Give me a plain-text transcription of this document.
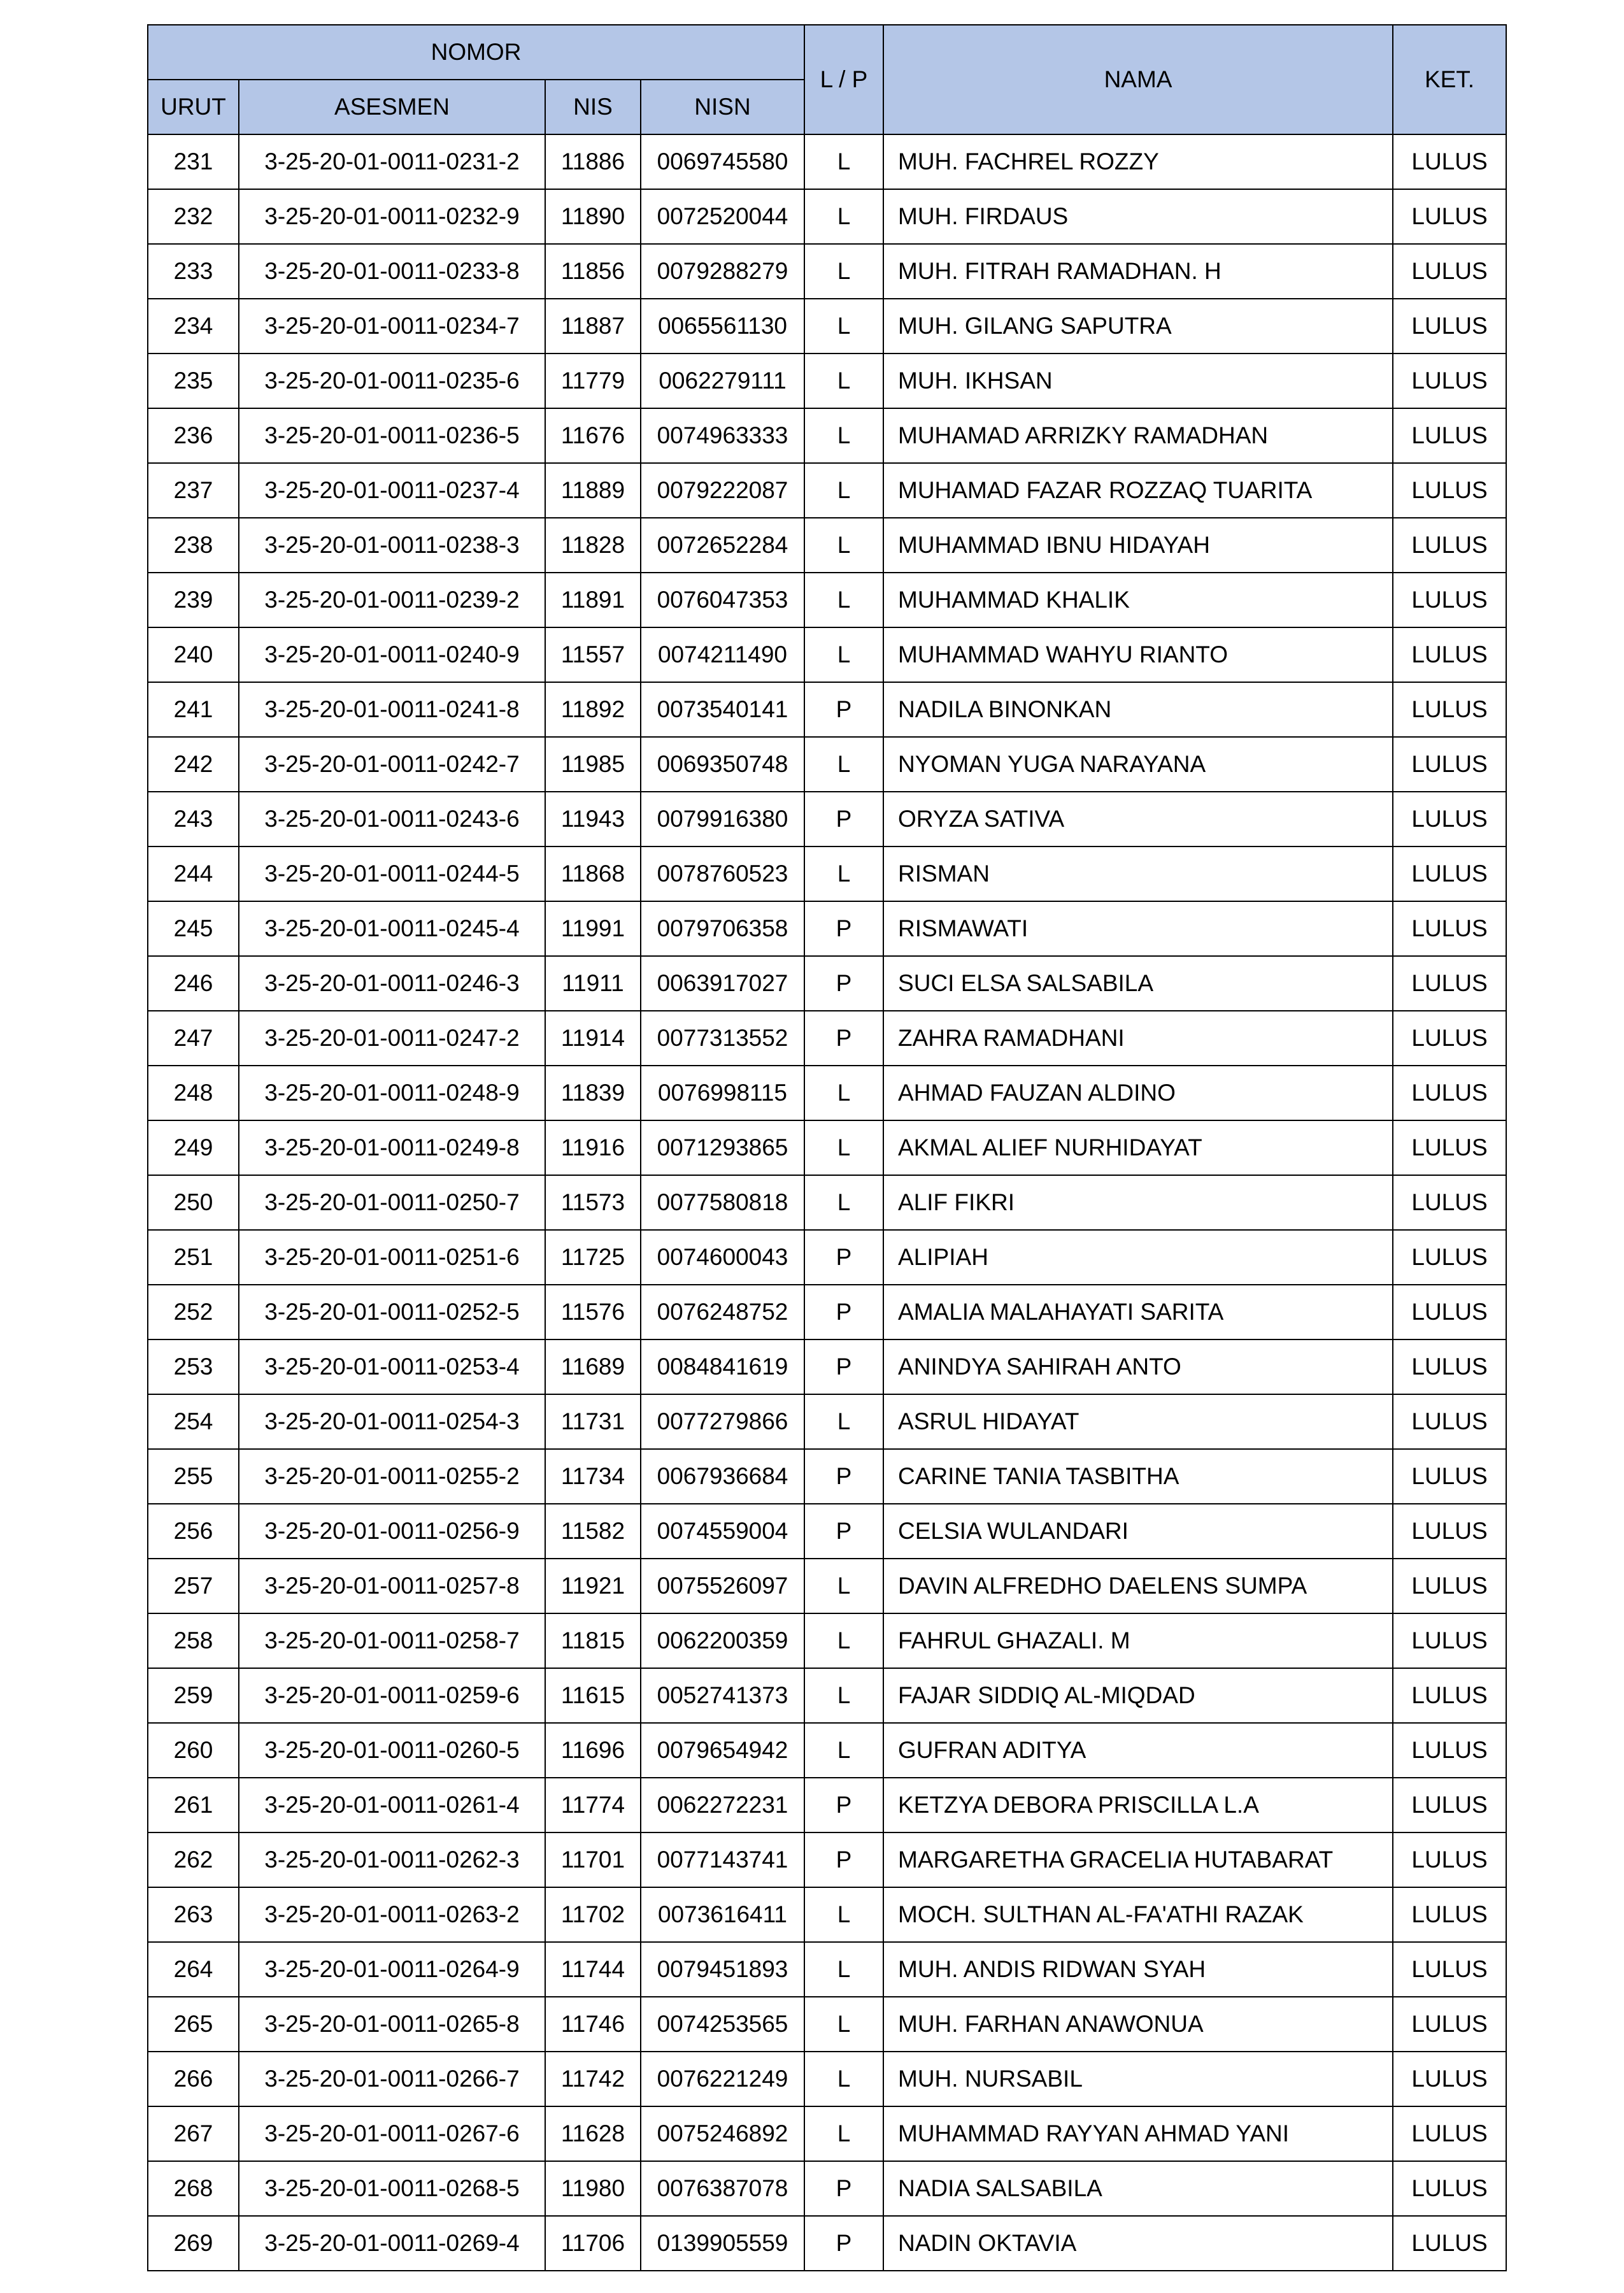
NOMOR				L / P	NAMA	KET.
URUT	ASESMEN	NIS	NISN			
231	3-25-20-01-0011-0231-2	11886	0069745580	L	MUH. FACHREL ROZZY	LULUS
232	3-25-20-01-0011-0232-9	11890	0072520044	L	MUH. FIRDAUS	LULUS
233	3-25-20-01-0011-0233-8	11856	0079288279	L	MUH. FITRAH RAMADHAN. H	LULUS
234	3-25-20-01-0011-0234-7	11887	0065561130	L	MUH. GILANG SAPUTRA	LULUS
235	3-25-20-01-0011-0235-6	11779	0062279111	L	MUH. IKHSAN	LULUS
236	3-25-20-01-0011-0236-5	11676	0074963333	L	MUHAMAD ARRIZKY RAMADHAN	LULUS
237	3-25-20-01-0011-0237-4	11889	0079222087	L	MUHAMAD FAZAR ROZZAQ TUARITA	LULUS
238	3-25-20-01-0011-0238-3	11828	0072652284	L	MUHAMMAD IBNU HIDAYAH	LULUS
239	3-25-20-01-0011-0239-2	11891	0076047353	L	MUHAMMAD KHALIK	LULUS
240	3-25-20-01-0011-0240-9	11557	0074211490	L	MUHAMMAD WAHYU RIANTO	LULUS
241	3-25-20-01-0011-0241-8	11892	0073540141	P	NADILA BINONKAN	LULUS
242	3-25-20-01-0011-0242-7	11985	0069350748	L	NYOMAN YUGA NARAYANA	LULUS
243	3-25-20-01-0011-0243-6	11943	0079916380	P	ORYZA SATIVA	LULUS
244	3-25-20-01-0011-0244-5	11868	0078760523	L	RISMAN	LULUS
245	3-25-20-01-0011-0245-4	11991	0079706358	P	RISMAWATI	LULUS
246	3-25-20-01-0011-0246-3	11911	0063917027	P	SUCI ELSA SALSABILA	LULUS
247	3-25-20-01-0011-0247-2	11914	0077313552	P	ZAHRA RAMADHANI	LULUS
248	3-25-20-01-0011-0248-9	11839	0076998115	L	AHMAD FAUZAN ALDINO	LULUS
249	3-25-20-01-0011-0249-8	11916	0071293865	L	AKMAL ALIEF NURHIDAYAT	LULUS
250	3-25-20-01-0011-0250-7	11573	0077580818	L	ALIF FIKRI	LULUS
251	3-25-20-01-0011-0251-6	11725	0074600043	P	ALIPIAH	LULUS
252	3-25-20-01-0011-0252-5	11576	0076248752	P	AMALIA MALAHAYATI SARITA	LULUS
253	3-25-20-01-0011-0253-4	11689	0084841619	P	ANINDYA SAHIRAH ANTO	LULUS
254	3-25-20-01-0011-0254-3	11731	0077279866	L	ASRUL HIDAYAT	LULUS
255	3-25-20-01-0011-0255-2	11734	0067936684	P	CARINE TANIA TASBITHA	LULUS
256	3-25-20-01-0011-0256-9	11582	0074559004	P	CELSIA WULANDARI	LULUS
257	3-25-20-01-0011-0257-8	11921	0075526097	L	DAVIN ALFREDHO DAELENS SUMPA	LULUS
258	3-25-20-01-0011-0258-7	11815	0062200359	L	FAHRUL GHAZALI. M	LULUS
259	3-25-20-01-0011-0259-6	11615	0052741373	L	FAJAR SIDDIQ AL-MIQDAD	LULUS
260	3-25-20-01-0011-0260-5	11696	0079654942	L	GUFRAN ADITYA	LULUS
261	3-25-20-01-0011-0261-4	11774	0062272231	P	KETZYA DEBORA PRISCILLA L.A	LULUS
262	3-25-20-01-0011-0262-3	11701	0077143741	P	MARGARETHA GRACELIA HUTABARAT	LULUS
263	3-25-20-01-0011-0263-2	11702	0073616411	L	MOCH. SULTHAN AL-FA'ATHI RAZAK	LULUS
264	3-25-20-01-0011-0264-9	11744	0079451893	L	MUH. ANDIS RIDWAN SYAH	LULUS
265	3-25-20-01-0011-0265-8	11746	0074253565	L	MUH. FARHAN ANAWONUA	LULUS
266	3-25-20-01-0011-0266-7	11742	0076221249	L	MUH. NURSABIL	LULUS
267	3-25-20-01-0011-0267-6	11628	0075246892	L	MUHAMMAD RAYYAN AHMAD YANI	LULUS
268	3-25-20-01-0011-0268-5	11980	0076387078	P	NADIA SALSABILA	LULUS
269	3-25-20-01-0011-0269-4	11706	0139905559	P	NADIN OKTAVIA	LULUS
